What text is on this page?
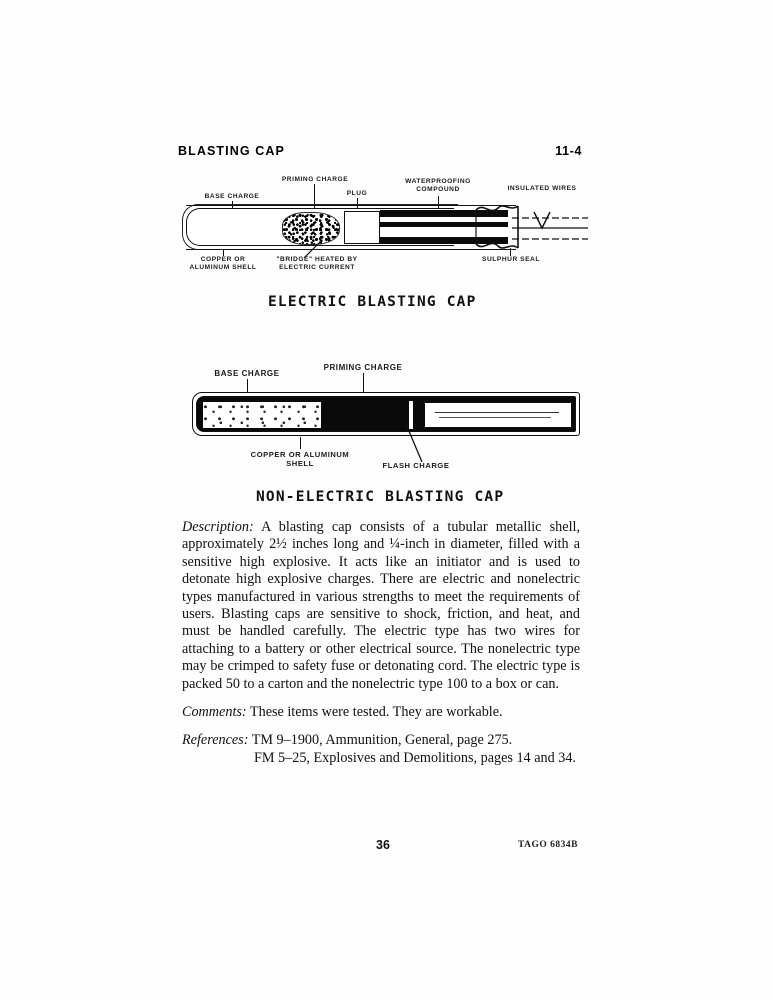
BLASTING CAP	11-4
BASE CHARGE
PRIMING CHARGE
PLUG
WATERPROOFING COMPOUND	INSULATED WIRES
COPPER OR ALUMINUM SHELL
"BRIDGE" HEATED BY ELECTRIC CURRENT
SULPHUR SEAL
ELECTRIC BLASTING CAP
BASE CHARGE
PRIMING CHARGE
COPPER OR ALUMINUM SHELL	FLASH CHARGE
NON-ELECTRIC BLASTING CAP

Description: A blasting cap consists of a tubular metallic shell, approximately 2½ inches long and ¼-inch in diameter, filled with a sensitive high explosive. It acts like an initiator and is used to detonate high explosive charges. There are electric and nonelectric types manufactured in various strengths to meet the requirements of users. Blasting caps are sensitive to shock, friction, and heat, and must be handled carefully. The electric type has two wires for attaching to a battery or other electrical source. The nonelectric type may be crimped to safety fuse or detonating cord. The electric type is packed 50 to a carton and the nonelectric type 100 to a box or can.

Comments: These items were tested. They are workable.

References: TM 9–1900, Ammunition, General, page 275.
FM 5–25, Explosives and Demolitions, pages 14 and 34.

36	TAGO 6834B
